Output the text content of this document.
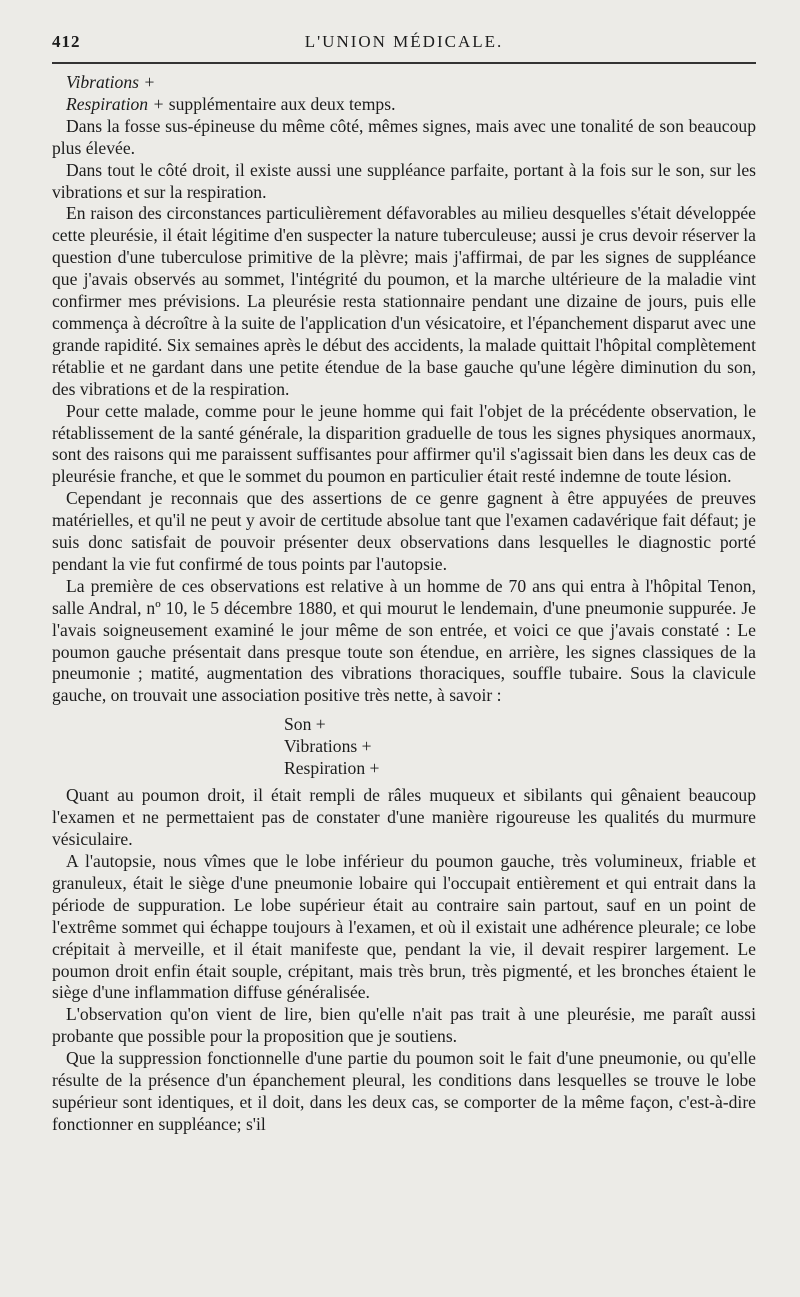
412	L'UNION MÉDICALE.

Vibrations +

Respiration + supplémentaire aux deux temps.

Dans la fosse sus-épineuse du même côté, mêmes signes, mais avec une tonalité de son beaucoup plus élevée.

Dans tout le côté droit, il existe aussi une suppléance parfaite, portant à la fois sur le son, sur les vibrations et sur la respiration.

En raison des circonstances particulièrement défavorables au milieu desquelles s'était développée cette pleurésie, il était légitime d'en suspecter la nature tuberculeuse; aussi je crus devoir réserver la question d'une tuberculose primitive de la plèvre; mais j'affirmai, de par les signes de suppléance que j'avais observés au sommet, l'intégrité du poumon, et la marche ultérieure de la maladie vint confirmer mes prévisions. La pleurésie resta stationnaire pendant une dizaine de jours, puis elle commença à décroître à la suite de l'application d'un vésicatoire, et l'épanchement disparut avec une grande rapidité. Six semaines après le début des accidents, la malade quittait l'hôpital complètement rétablie et ne gardant dans une petite étendue de la base gauche qu'une légère diminution du son, des vibrations et de la respiration.

Pour cette malade, comme pour le jeune homme qui fait l'objet de la précédente observation, le rétablissement de la santé générale, la disparition graduelle de tous les signes physiques anormaux, sont des raisons qui me paraissent suffisantes pour affirmer qu'il s'agissait bien dans les deux cas de pleurésie franche, et que le sommet du poumon en particulier était resté indemne de toute lésion.

Cependant je reconnais que des assertions de ce genre gagnent à être appuyées de preuves matérielles, et qu'il ne peut y avoir de certitude absolue tant que l'examen cadavérique fait défaut; je suis donc satisfait de pouvoir présenter deux observations dans lesquelles le diagnostic porté pendant la vie fut confirmé de tous points par l'autopsie.

La première de ces observations est relative à un homme de 70 ans qui entra à l'hôpital Tenon, salle Andral, nº 10, le 5 décembre 1880, et qui mourut le lendemain, d'une pneumonie suppurée. Je l'avais soigneusement examiné le jour même de son entrée, et voici ce que j'avais constaté : Le poumon gauche présentait dans presque toute son étendue, en arrière, les signes classiques de la pneumonie ; matité, augmentation des vibrations thoraciques, souffle tubaire. Sous la clavicule gauche, on trouvait une association positive très nette, à savoir :

Son +
Vibrations +
Respiration +

Quant au poumon droit, il était rempli de râles muqueux et sibilants qui gênaient beaucoup l'examen et ne permettaient pas de constater d'une manière rigoureuse les qualités du murmure vésiculaire.

A l'autopsie, nous vîmes que le lobe inférieur du poumon gauche, très volumineux, friable et granuleux, était le siège d'une pneumonie lobaire qui l'occupait entièrement et qui entrait dans la période de suppuration. Le lobe supérieur était au contraire sain partout, sauf en un point de l'extrême sommet qui échappe toujours à l'examen, et où il existait une adhérence pleurale; ce lobe crépitait à merveille, et il était manifeste que, pendant la vie, il devait respirer largement. Le poumon droit enfin était souple, crépitant, mais très brun, très pigmenté, et les bronches étaient le siège d'une inflammation diffuse généralisée.

L'observation qu'on vient de lire, bien qu'elle n'ait pas trait à une pleurésie, me paraît aussi probante que possible pour la proposition que je soutiens.

Que la suppression fonctionnelle d'une partie du poumon soit le fait d'une pneumonie, ou qu'elle résulte de la présence d'un épanchement pleural, les conditions dans lesquelles se trouve le lobe supérieur sont identiques, et il doit, dans les deux cas, se comporter de la même façon, c'est-à-dire fonctionner en suppléance; s'il
